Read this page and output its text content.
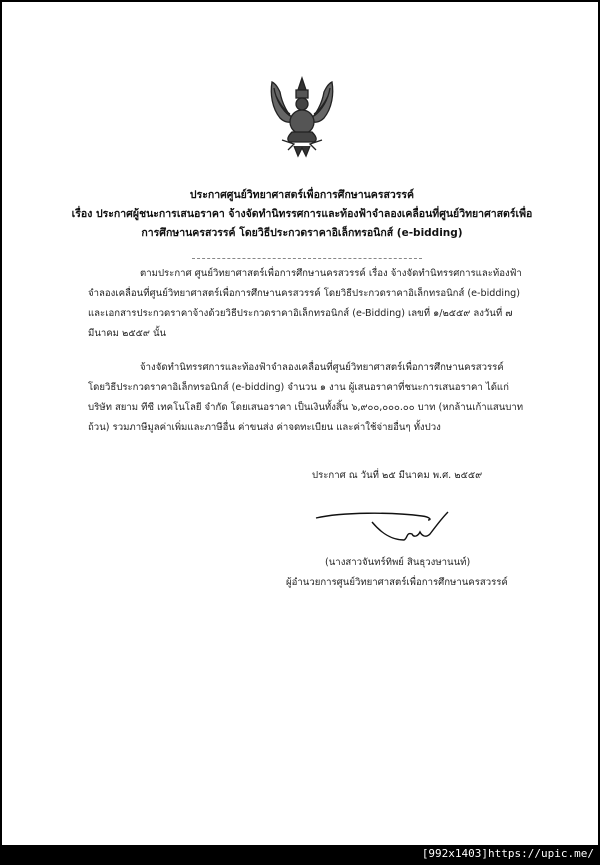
ประกาศศูนย์วิทยาศาสตร์เพื่อการศึกษานครสวรรค์
เรื่อง ประกาศผู้ชนะการเสนอราคา จ้างจัดทำนิทรรศการและท้องฟ้าจำลองเคลื่อนที่ศูนย์วิทยาศาสตร์เพื่อ
การศึกษานครสวรรค์ โดยวิธีประกวดราคาอิเล็กทรอนิกส์ (e-bidding)
ตามประกาศ ศูนย์วิทยาศาสตร์เพื่อการศึกษานครสวรรค์ เรื่อง จ้างจัดทำนิทรรศการและท้องฟ้า
จำลองเคลื่อนที่ศูนย์วิทยาศาสตร์เพื่อการศึกษานครสวรรค์ โดยวิธีประกวดราคาอิเล็กทรอนิกส์ (e-bidding)
และเอกสารประกวดราคาจ้างด้วยวิธีประกวดราคาอิเล็กทรอนิกส์ (e-Bidding) เลขที่ ๑/๒๕๕๙ ลงวันที่ ๗
มีนาคม ๒๕๕๙ นั้น
จ้างจัดทำนิทรรศการและท้องฟ้าจำลองเคลื่อนที่ศูนย์วิทยาศาสตร์เพื่อการศึกษานครสวรรค์
โดยวิธีประกวดราคาอิเล็กทรอนิกส์ (e-bidding) จำนวน ๑ งาน ผู้เสนอราคาที่ชนะการเสนอราคา ได้แก่
บริษัท สยาม ทีซี เทคโนโลยี จำกัด โดยเสนอราคา เป็นเงินทั้งสิ้น ๖,๙๐๐,๐๐๐.๐๐ บาท (หกล้านเก้าแสนบาท
ถ้วน) รวมภาษีมูลค่าเพิ่มและภาษีอื่น ค่าขนส่ง ค่าจดทะเบียน และค่าใช้จ่ายอื่นๆ ทั้งปวง
ประกาศ ณ วันที่ ๒๕ มีนาคม พ.ศ. ๒๕๕๙
(นางสาวจันทร์ทิพย์ สินธุวงษานนท์)
ผู้อำนวยการศูนย์วิทยาศาสตร์เพื่อการศึกษานครสวรรค์
[992x1403]https://upic.me/
